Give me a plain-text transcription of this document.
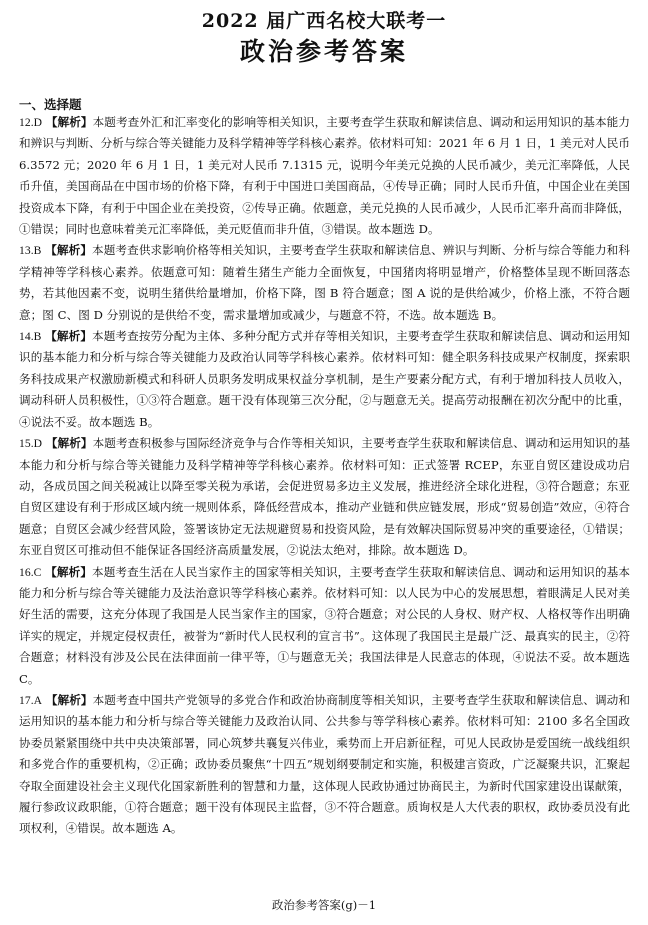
2022 届广西名校大联考一
政治参考答案
一、选择题

12.D 【解析】本题考查外汇和汇率变化的影响等相关知识，主要考查学生获取和解读信息、调动和运用知识的基本能力和辨识与判断、分析与综合等关键能力及科学精神等学科核心素养。依材料可知：2021 年 6 月 1 日，1 美元对人民币 6.3572 元；2020 年 6 月 1 日，1 美元对人民币 7.1315 元，说明今年美元兑换的人民币减少，美元汇率降低，人民币升值，美国商品在中国市场的价格下降，有利于中国进口美国商品，④传导正确；同时人民币升值，中国企业在美国投资成本下降，有利于中国企业在美投资，②传导正确。依题意，美元兑换的人民币减少，人民币汇率升高而非降低，①错误；同时也意味着美元汇率降低，美元贬值而非升值，③错误。故本题选 D。

13.B 【解析】本题考查供求影响价格等相关知识，主要考查学生获取和解读信息、辨识与判断、分析与综合等能力和科学精神等学科核心素养。依题意可知：随着生猪生产能力全面恢复，中国猪肉将明显增产，价格整体呈现不断回落态势，若其他因素不变，说明生猪供给量增加，价格下降，图 B 符合题意；图 A 说的是供给减少，价格上涨，不符合题意；图 C、图 D 分别说的是供给不变，需求量增加或减少，与题意不符，不选。故本题选 B。

14.B 【解析】本题考查按劳分配为主体、多种分配方式并存等相关知识，主要考查学生获取和解读信息、调动和运用知识的基本能力和分析与综合等关键能力及政治认同等学科核心素养。依材料可知：健全职务科技成果产权制度，探索职务科技成果产权激励新模式和科研人员职务发明成果权益分享机制，是生产要素分配方式，有利于增加科技人员收入，调动科研人员积极性，①③符合题意。题干没有体现第三次分配，②与题意无关。提高劳动报酬在初次分配中的比重，④说法不妥。故本题选 B。

15.D 【解析】本题考查积极参与国际经济竞争与合作等相关知识，主要考查学生获取和解读信息、调动和运用知识的基本能力和分析与综合等关键能力及科学精神等学科核心素养。依材料可知：正式签署 RCEP，东亚自贸区建设成功启动，各成员国之间关税减让以降至零关税为承诺，会促进贸易多边主义发展，推进经济全球化进程，③符合题意；东亚自贸区建设有利于形成区域内统一规则体系，降低经营成本，推动产业链和供应链发展，形成“贸易创造”效应，④符合题意；自贸区会减少经营风险，签署该协定无法规避贸易和投资风险，是有效解决国际贸易冲突的重要途径，①错误；东亚自贸区可推动但不能保证各国经济高质量发展，②说法太绝对，排除。故本题选 D。

16.C 【解析】本题考查生活在人民当家作主的国家等相关知识，主要考查学生获取和解读信息、调动和运用知识的基本能力和分析与综合等关键能力及法治意识等学科核心素养。依材料可知：以人民为中心的发展思想，着眼满足人民对美好生活的需要，这充分体现了我国是人民当家作主的国家，③符合题意；对公民的人身权、财产权、人格权等作出明确详实的规定，并规定侵权责任，被誉为“新时代人民权利的宣言书”。这体现了我国民主是最广泛、最真实的民主，②符合题意；材料没有涉及公民在法律面前一律平等，①与题意无关；我国法律是人民意志的体现，④说法不妥。故本题选 C。

17.A 【解析】本题考查中国共产党领导的多党合作和政治协商制度等相关知识，主要考查学生获取和解读信息、调动和运用知识的基本能力和分析与综合等关键能力及政治认同、公共参与等学科核心素养。依材料可知：2100 多名全国政协委员紧紧围绕中共中央决策部署，同心筑梦共襄复兴伟业，乘势而上开启新征程，可见人民政协是爱国统一战线组织和多党合作的重要机构，②正确；政协委员聚焦“十四五”规划纲要制定和实施，积极建言资政，广泛凝聚共识，汇聚起夺取全面建设社会主义现代化国家新胜利的智慧和力量，这体现人民政协通过协商民主，为新时代国家建设出谋献策，履行参政议政职能，①符合题意；题干没有体现民主监督，③不符合题意。质询权是人大代表的职权，政协委员没有此项权利，④错误。故本题选 A。

政治参考答案(g)－1
